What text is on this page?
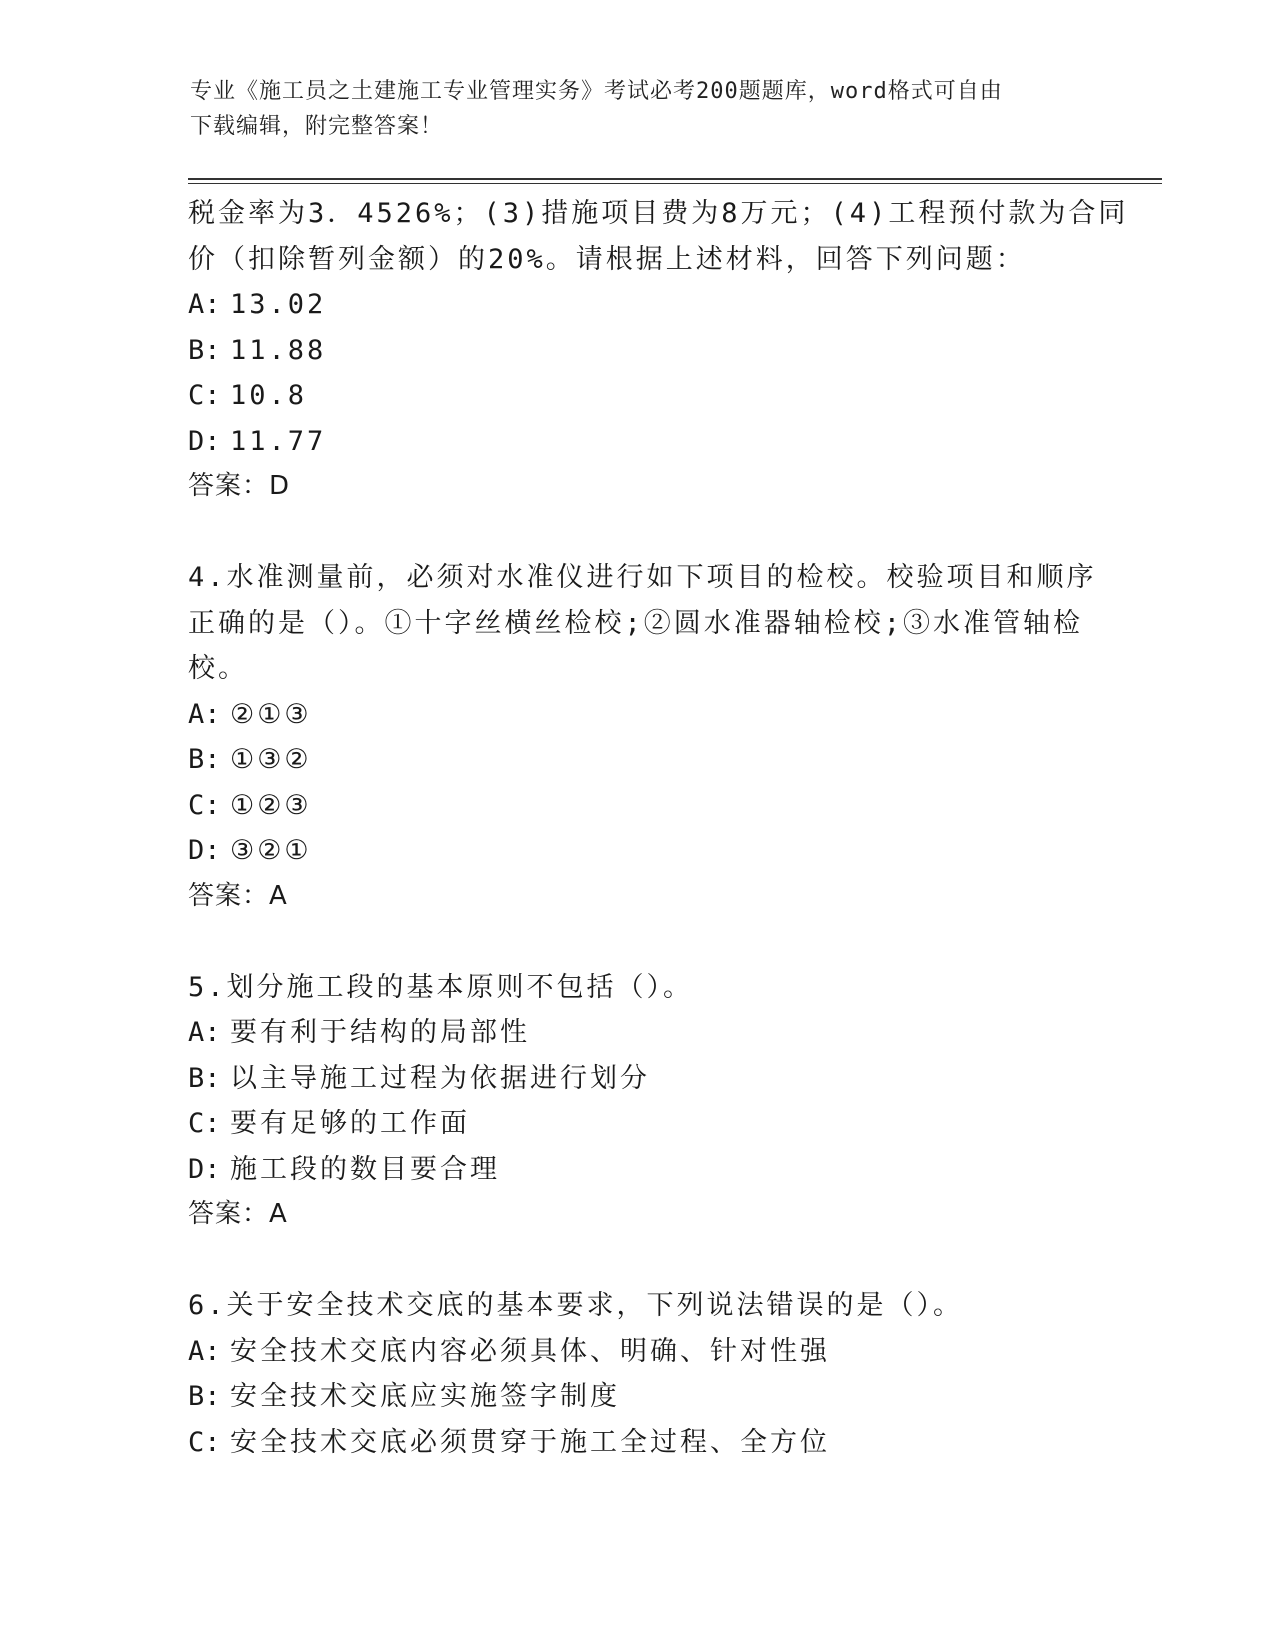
专业《施工员之土建施工专业管理实务》考试必考200题题库，word格式可自由
下载编辑，附完整答案！
税金率为3．4526%；(3)措施项目费为8万元；(4)工程预付款为合同
价（扣除暂列金额）的20%。请根据上述材料，回答下列问题：
A: 13.02
B: 11.88
C: 10.8
D: 11.77
答案：D
4.水准测量前，必须对水准仪进行如下项目的检校。校验项目和顺序
正确的是（）。①十字丝横丝检校;②圆水准器轴检校;③水准管轴检
校。
A: ②①③
B: ①③②
C: ①②③
D: ③②①
答案：A
5.划分施工段的基本原则不包括（）。
A: 要有利于结构的局部性
B: 以主导施工过程为依据进行划分
C: 要有足够的工作面
D: 施工段的数目要合理
答案：A
6.关于安全技术交底的基本要求，下列说法错误的是（）。
A: 安全技术交底内容必须具体、明确、针对性强
B: 安全技术交底应实施签字制度
C: 安全技术交底必须贯穿于施工全过程、全方位
